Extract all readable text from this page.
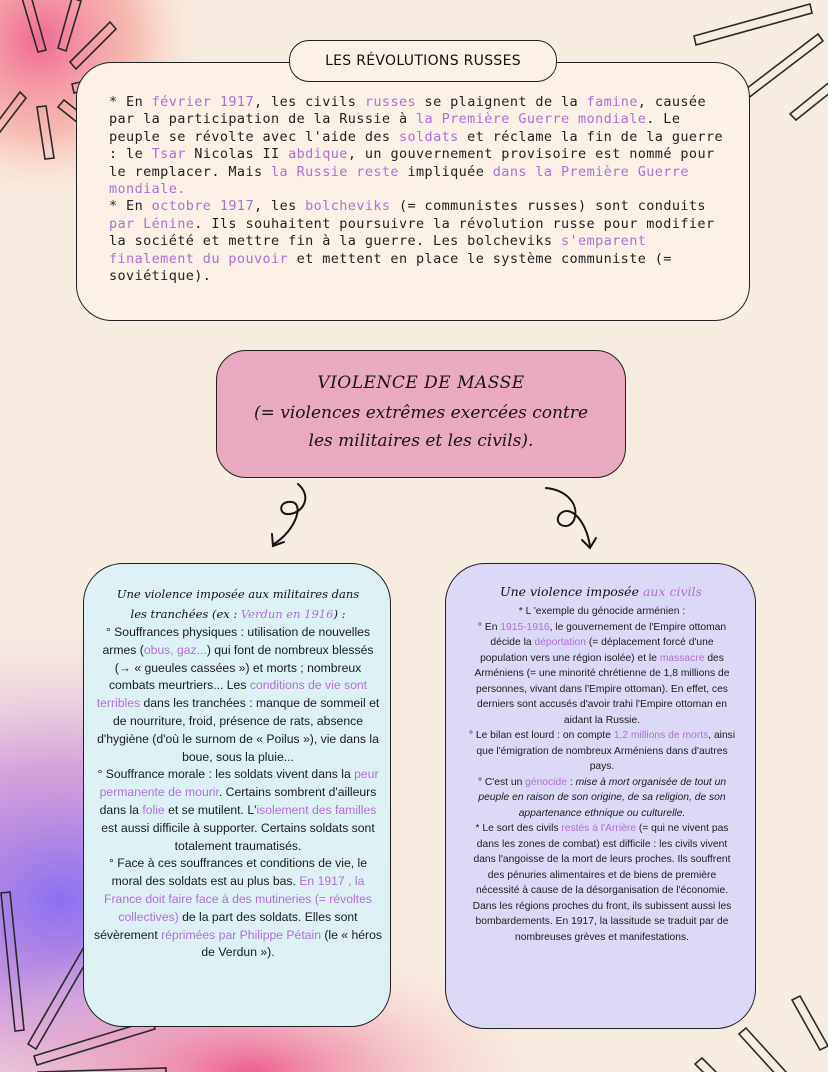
LES RÉVOLUTIONS RUSSES

* En février 1917, les civils russes se plaignent de la famine, causée par la participation de la Russie à la Première Guerre mondiale. Le peuple se révolte avec l'aide des soldats et réclame la fin de la guerre : le Tsar Nicolas II abdique, un gouvernement provisoire est nommé pour le remplacer. Mais la Russie reste impliquée dans la Première Guerre mondiale.

* En octobre 1917, les bolcheviks (= communistes russes) sont conduits par Lénine. Ils souhaitent poursuivre la révolution russe pour modifier la société et mettre fin à la guerre. Les bolcheviks s'emparent finalement du pouvoir et mettent en place le système communiste (= soviétique).

VIOLENCE DE MASSE
(= violences extrêmes exercées contre les militaires et les civils).

Une violence imposée aux militaires dans les tranchées (ex : Verdun en 1916) :

° Souffrances physiques : utilisation de nouvelles armes (obus, gaz...) qui font de nombreux blessés (→ « gueules cassées ») et morts ; nombreux combats meurtriers... Les conditions de vie sont terribles dans les tranchées : manque de sommeil et de nourriture, froid, présence de rats, absence d'hygiène (d'où le surnom de « Poilus »), vie dans la boue, sous la pluie...

° Souffrance morale : les soldats vivent dans la peur permanente de mourir. Certains sombrent d'ailleurs dans la folie et se mutilent. L'isolement des familles est aussi difficile à supporter. Certains soldats sont totalement traumatisés.

° Face à ces souffrances et conditions de vie, le moral des soldats est au plus bas. En 1917 , la France doit faire face à des mutineries (= révoltes collectives) de la part des soldats. Elles sont sévèrement réprimées par Philippe Pétain (le « héros de Verdun »).

Une violence imposée aux civils

* L 'exemple du génocide arménien :

° En 1915-1916, le gouvernement de l'Empire ottoman décide la déportation (= déplacement forcé d'une population vers une région isolée) et le massacre des Arméniens (= une minorité chrétienne de 1,8 millions de personnes, vivant dans l'Empire ottoman). En effet, ces derniers sont accusés d'avoir trahi l'Empire ottoman en aidant la Russie.

° Le bilan est lourd : on compte 1,2 millions de morts, ainsi que l'émigration de nombreux Arméniens dans d'autres pays.

° C'est un génocide : mise à mort organisée de tout un peuple en raison de son origine, de sa religion, de son appartenance ethnique ou culturelle.

* Le sort des civils restés à l'Arrière (= qui ne vivent pas dans les zones de combat) est difficile : les civils vivent dans l'angoisse de la mort de leurs proches. Ils souffrent des pénuries alimentaires et de biens de première nécessité à cause de la désorganisation de l'économie. Dans les régions proches du front, ils subissent aussi les bombardements. En 1917, la lassitude se traduit par de nombreuses grèves et manifestations.
